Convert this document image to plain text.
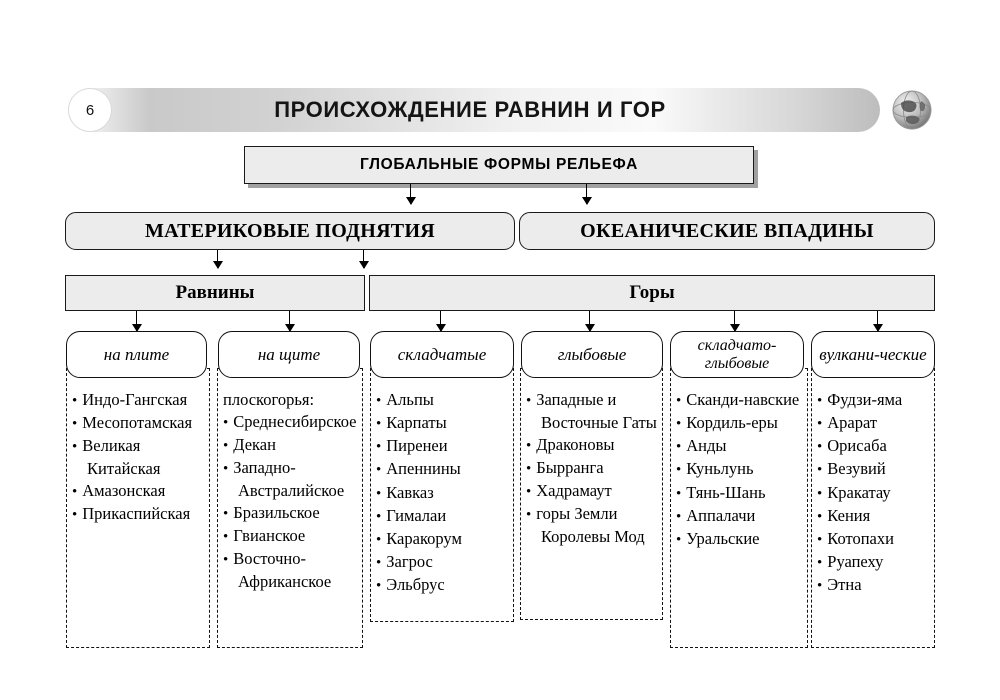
6	ПРОИСХОЖДЕНИЕ РАВНИН И ГОР
ГЛОБАЛЬНЫЕ ФОРМЫ РЕЛЬЕФА
МАТЕРИКОВЫЕ ПОДНЯТИЯ	ОКЕАНИЧЕСКИЕ ВПАДИНЫ
Равнины	Горы
• Индо-Гангская
• Месопотамская
• Великая Китайская
• Амазонская
• Прикаспийская
на плите
плоскогорья:
• Среднесибирское
• Декан
• Западно-Австралийское
• Бразильское
• Гвианское
• Восточно-Африканское
на щите
• Альпы
• Карпаты
• Пиренеи
• Апеннины
• Кавказ
• Гималаи
• Каракорум
• Загрос
• Эльбрус
складчатые
• Западные и Восточные Гаты
• Драконовы
• Бырранга
• Хадрамаут
• горы Земли Королевы Мод
глыбовые
• Сканди-навские
• Кордиль-еры
• Анды
• Куньлунь
• Тянь-Шань
• Аппалачи
• Уральские
складчато-глыбовые
• Фудзи-яма
• Арарат
• Орисаба
• Везувий
• Кракатау
• Кения
• Котопахи
• Руапеху
• Этна
вулкани-ческие
